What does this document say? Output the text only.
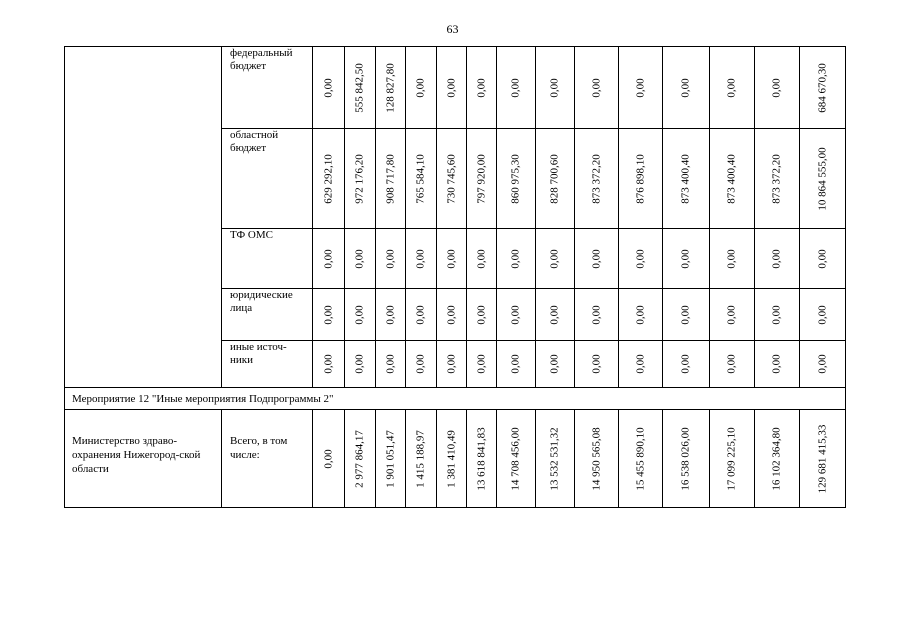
63

	федеральный бюджет	0,00	555 842,50	128 827,80	0,00	0,00	0,00	0,00	0,00	0,00	0,00	0,00	0,00	0,00	684 670,30

	областной бюджет	629 292,10	972 176,20	908 717,80	765 584,10	730 745,60	797 920,00	860 975,30	828 700,60	873 372,20	876 898,10	873 400,40	873 400,40	873 372,20	10 864 555,00

	ТФ ОМС	0,00	0,00	0,00	0,00	0,00	0,00	0,00	0,00	0,00	0,00	0,00	0,00	0,00	0,00

	юридические лица	0,00	0,00	0,00	0,00	0,00	0,00	0,00	0,00	0,00	0,00	0,00	0,00	0,00	0,00

	иные источ-ники	0,00	0,00	0,00	0,00	0,00	0,00	0,00	0,00	0,00	0,00	0,00	0,00	0,00	0,00

Мероприятие 12 "Иные мероприятия Подпрограммы 2"															
Министерство здраво-охранения Нижегород-ской области	Всего, в том числе:	0,00	2 977 864,17	1 901 051,47	1 415 188,97	1 381 410,49	13 618 841,83	14 708 456,00	13 532 531,32	14 950 565,08	15 455 890,10	16 538 026,00	17 099 225,10	16 102 364,80	129 681 415,33
